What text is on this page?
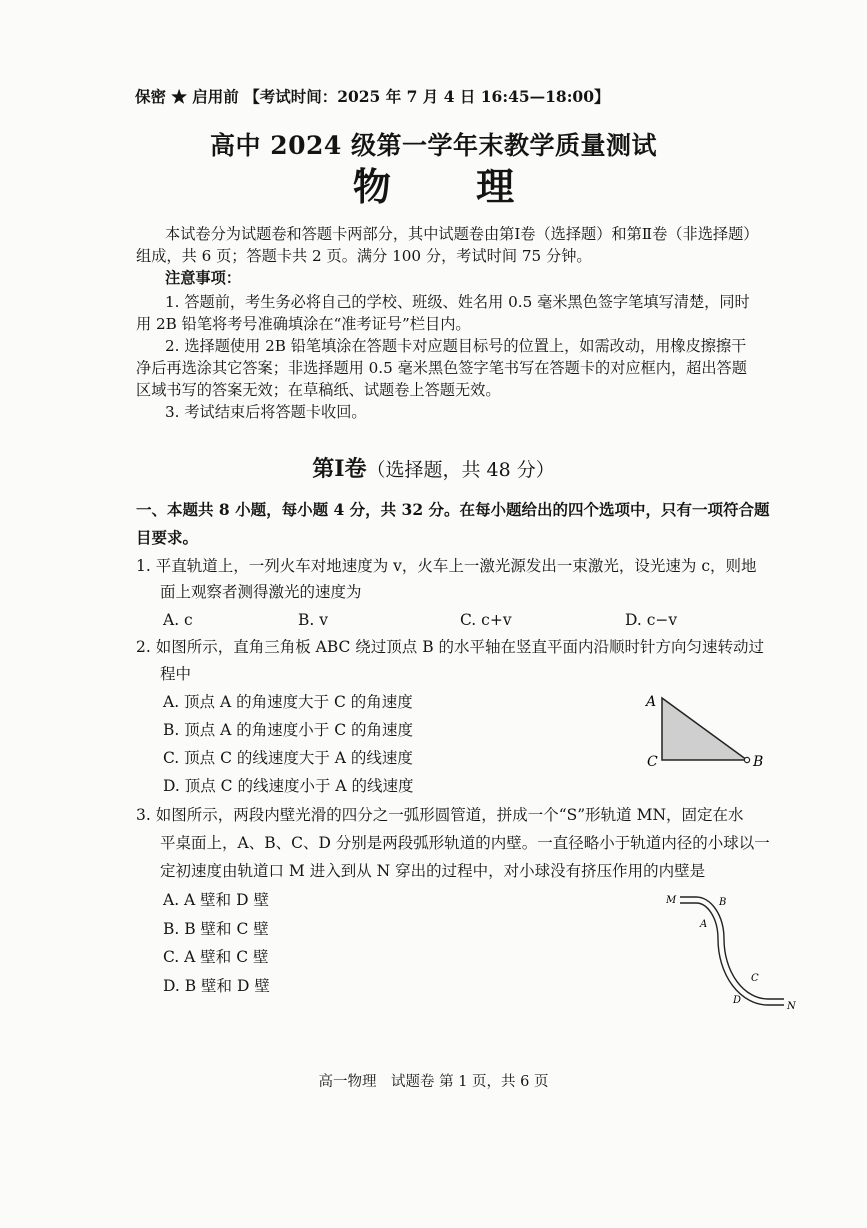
保密 ★ 启用前 【考试时间：2025 年 7 月 4 日 16:45—18:00】
高中 2024 级第一学年末教学质量测试
物 理
本试卷分为试题卷和答题卡两部分，其中试题卷由第Ⅰ卷（选择题）和第Ⅱ卷（非选择题）
组成，共 6 页；答题卡共 2 页。满分 100 分，考试时间 75 分钟。
注意事项：
1. 答题前，考生务必将自己的学校、班级、姓名用 0.5 毫米黑色签字笔填写清楚，同时
用 2B 铅笔将考号准确填涂在“准考证号”栏目内。
2. 选择题使用 2B 铅笔填涂在答题卡对应题目标号的位置上，如需改动，用橡皮擦擦干
净后再选涂其它答案；非选择题用 0.5 毫米黑色签字笔书写在答题卡的对应框内，超出答题
区域书写的答案无效；在草稿纸、试题卷上答题无效。
3. 考试结束后将答题卡收回。
第Ⅰ卷（选择题，共 48 分）
一、本题共 8 小题，每小题 4 分，共 32 分。在每小题给出的四个选项中，只有一项符合题
目要求。
1. 平直轨道上，一列火车对地速度为 v，火车上一激光源发出一束激光，设光速为 c，则地
面上观察者测得激光的速度为
A. c	B. v	C. c+v	D. c−v
2. 如图所示，直角三角板 ABC 绕过顶点 B 的水平轴在竖直平面内沿顺时针方向匀速转动过
程中
A. 顶点 A 的角速度大于 C 的角速度
B. 顶点 A 的角速度小于 C 的角速度
C. 顶点 C 的线速度大于 A 的线速度
D. 顶点 C 的线速度小于 A 的线速度
A
C	B
3. 如图所示，两段内壁光滑的四分之一弧形圆管道，拼成一个“S”形轨道 MN，固定在水
平桌面上，A、B、C、D 分别是两段弧形轨道的内壁。一直径略小于轨道内径的小球以一
定初速度由轨道口 M 进入到从 N 穿出的过程中，对小球没有挤压作用的内壁是
A. A 壁和 D 壁
B. B 壁和 C 壁
C. A 壁和 C 壁
D. B 壁和 D 壁
M	B
A
C
D
N
高一物理　试题卷 第 1 页，共 6 页
